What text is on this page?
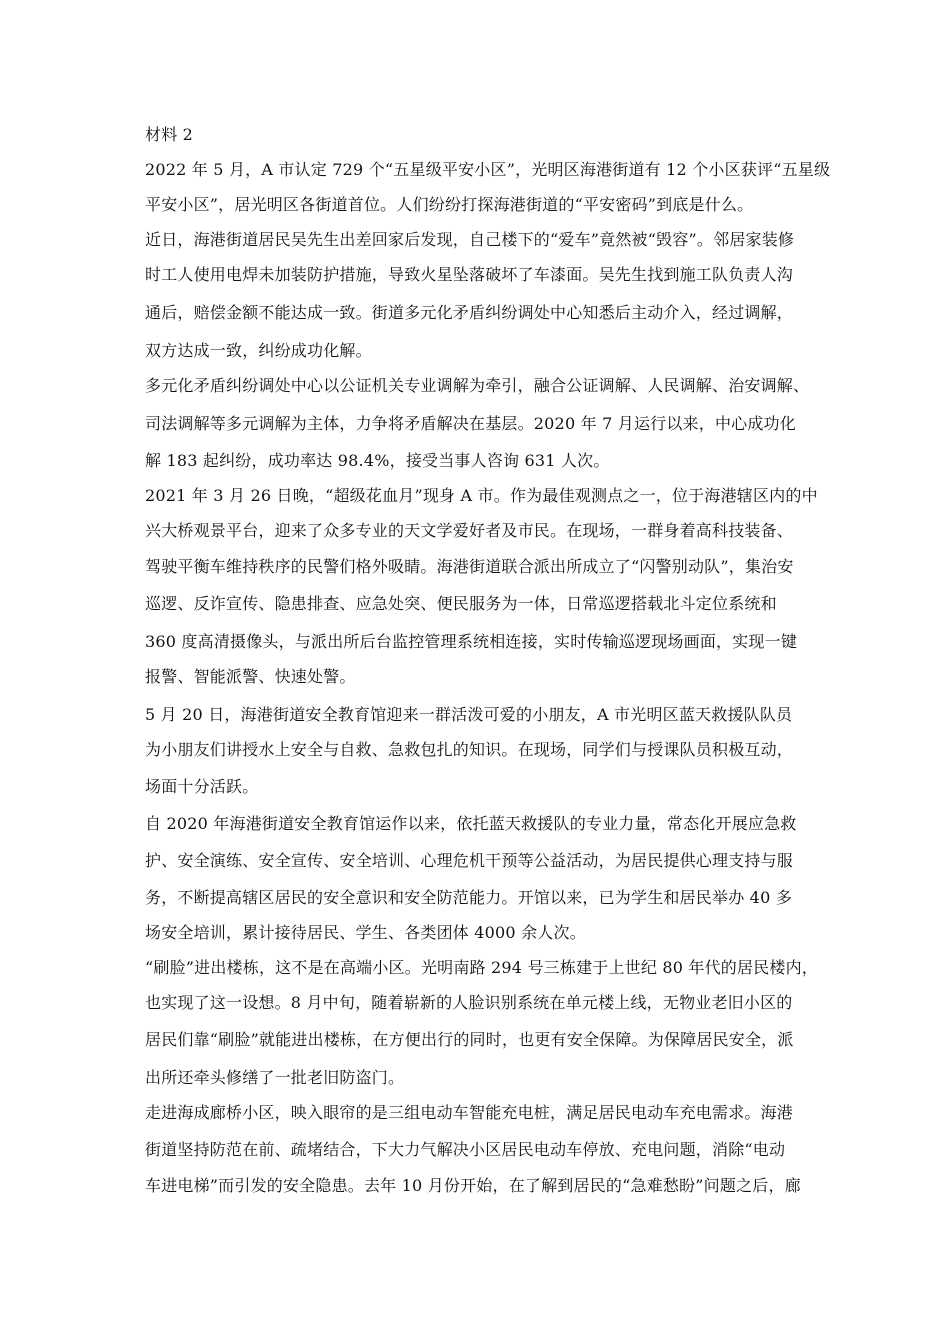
材料 2
2022 年 5 月，A 市认定 729 个“五星级平安小区”，光明区海港街道有 12 个小区获评“五星级
平安小区”，居光明区各街道首位。人们纷纷打探海港街道的“平安密码”到底是什么。
近日，海港街道居民吴先生出差回家后发现，自己楼下的“爱车”竟然被“毁容”。邻居家装修
时工人使用电焊未加装防护措施，导致火星坠落破坏了车漆面。吴先生找到施工队负责人沟
通后，赔偿金额不能达成一致。街道多元化矛盾纠纷调处中心知悉后主动介入，经过调解，
双方达成一致，纠纷成功化解。
多元化矛盾纠纷调处中心以公证机关专业调解为牵引，融合公证调解、人民调解、治安调解、
司法调解等多元调解为主体，力争将矛盾解决在基层。2020 年 7 月运行以来，中心成功化
解 183 起纠纷，成功率达 98.4%，接受当事人咨询 631 人次。
2021 年 3 月 26 日晚，“超级花血月”现身 A 市。作为最佳观测点之一，位于海港辖区内的中
兴大桥观景平台，迎来了众多专业的天文学爱好者及市民。在现场，一群身着高科技装备、
驾驶平衡车维持秩序的民警们格外吸睛。海港街道联合派出所成立了“闪警别动队”，集治安
巡逻、反诈宣传、隐患排查、应急处突、便民服务为一体，日常巡逻搭载北斗定位系统和
360 度高清摄像头，与派出所后台监控管理系统相连接，实时传输巡逻现场画面，实现一键
报警、智能派警、快速处警。
5 月 20 日，海港街道安全教育馆迎来一群活泼可爱的小朋友，A 市光明区蓝天救援队队员
为小朋友们讲授水上安全与自救、急救包扎的知识。在现场，同学们与授课队员积极互动，
场面十分活跃。
自 2020 年海港街道安全教育馆运作以来，依托蓝天救援队的专业力量，常态化开展应急救
护、安全演练、安全宣传、安全培训、心理危机干预等公益活动，为居民提供心理支持与服
务，不断提高辖区居民的安全意识和安全防范能力。开馆以来，已为学生和居民举办 40 多
场安全培训，累计接待居民、学生、各类团体 4000 余人次。
“刷脸”进出楼栋，这不是在高端小区。光明南路 294 号三栋建于上世纪 80 年代的居民楼内，
也实现了这一设想。8 月中旬，随着崭新的人脸识别系统在单元楼上线，无物业老旧小区的
居民们靠“刷脸”就能进出楼栋，在方便出行的同时，也更有安全保障。为保障居民安全，派
出所还牵头修缮了一批老旧防盗门。
走进海成廊桥小区，映入眼帘的是三组电动车智能充电桩，满足居民电动车充电需求。海港
街道坚持防范在前、疏堵结合，下大力气解决小区居民电动车停放、充电问题，消除“电动
车进电梯”而引发的安全隐患。去年 10 月份开始，在了解到居民的“急难愁盼”问题之后，廊
